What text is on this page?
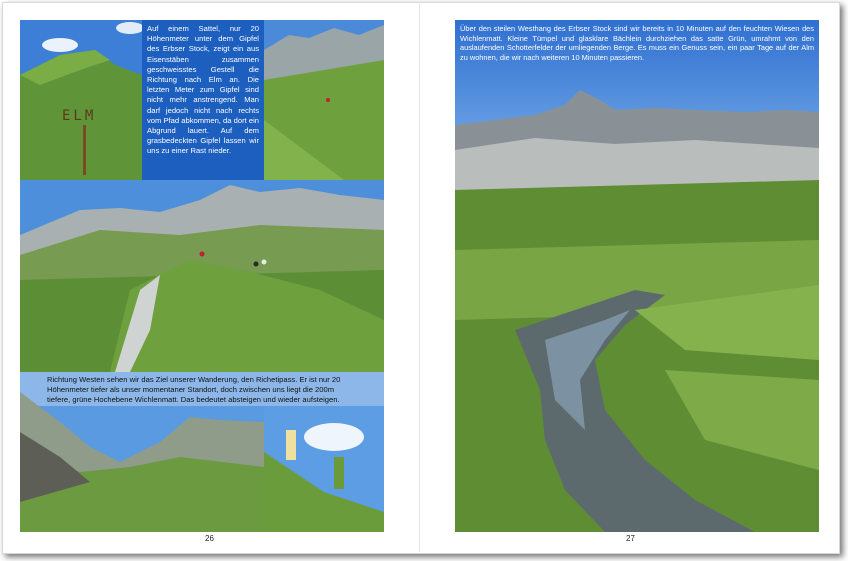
ELM
Auf einem Sattel, nur 20 Höhenmeter unter dem Gipfel des Erbser Stock, zeigt ein aus Eisenstäben zusammen geschweisstes Gestell die Richtung nach Elm an. Die letzten Meter zum Gipfel sind nicht mehr anstrengend. Man darf jedoch nicht nach rechts vom Pfad abkommen, da dort ein Abgrund lauert. Auf dem grasbedeckten Gipfel lassen wir uns zu einer Rast nieder.
Richtung Westen sehen wir das Ziel unserer Wanderung, den Richetipass. Er ist nur 20 Höhenmeter tiefer als unser momentaner Standort, doch zwischen uns liegt die 200m tiefere, grüne Hochebene Wichlenmatt. Das bedeutet absteigen und wieder aufsteigen.
26
Über den steilen Westhang des Erbser Stock sind wir bereits in 10 Minuten auf den feuchten Wiesen des Wichlenmatt. Kleine Tümpel und glasklare Bächlein durchziehen das satte Grün, umrahmt von den auslaufenden Schotterfelder der umliegenden Berge. Es muss ein Genuss sein, ein paar Tage auf der Alm zu wohnen, die wir nach weiteren 10 Minuten passieren.
27
